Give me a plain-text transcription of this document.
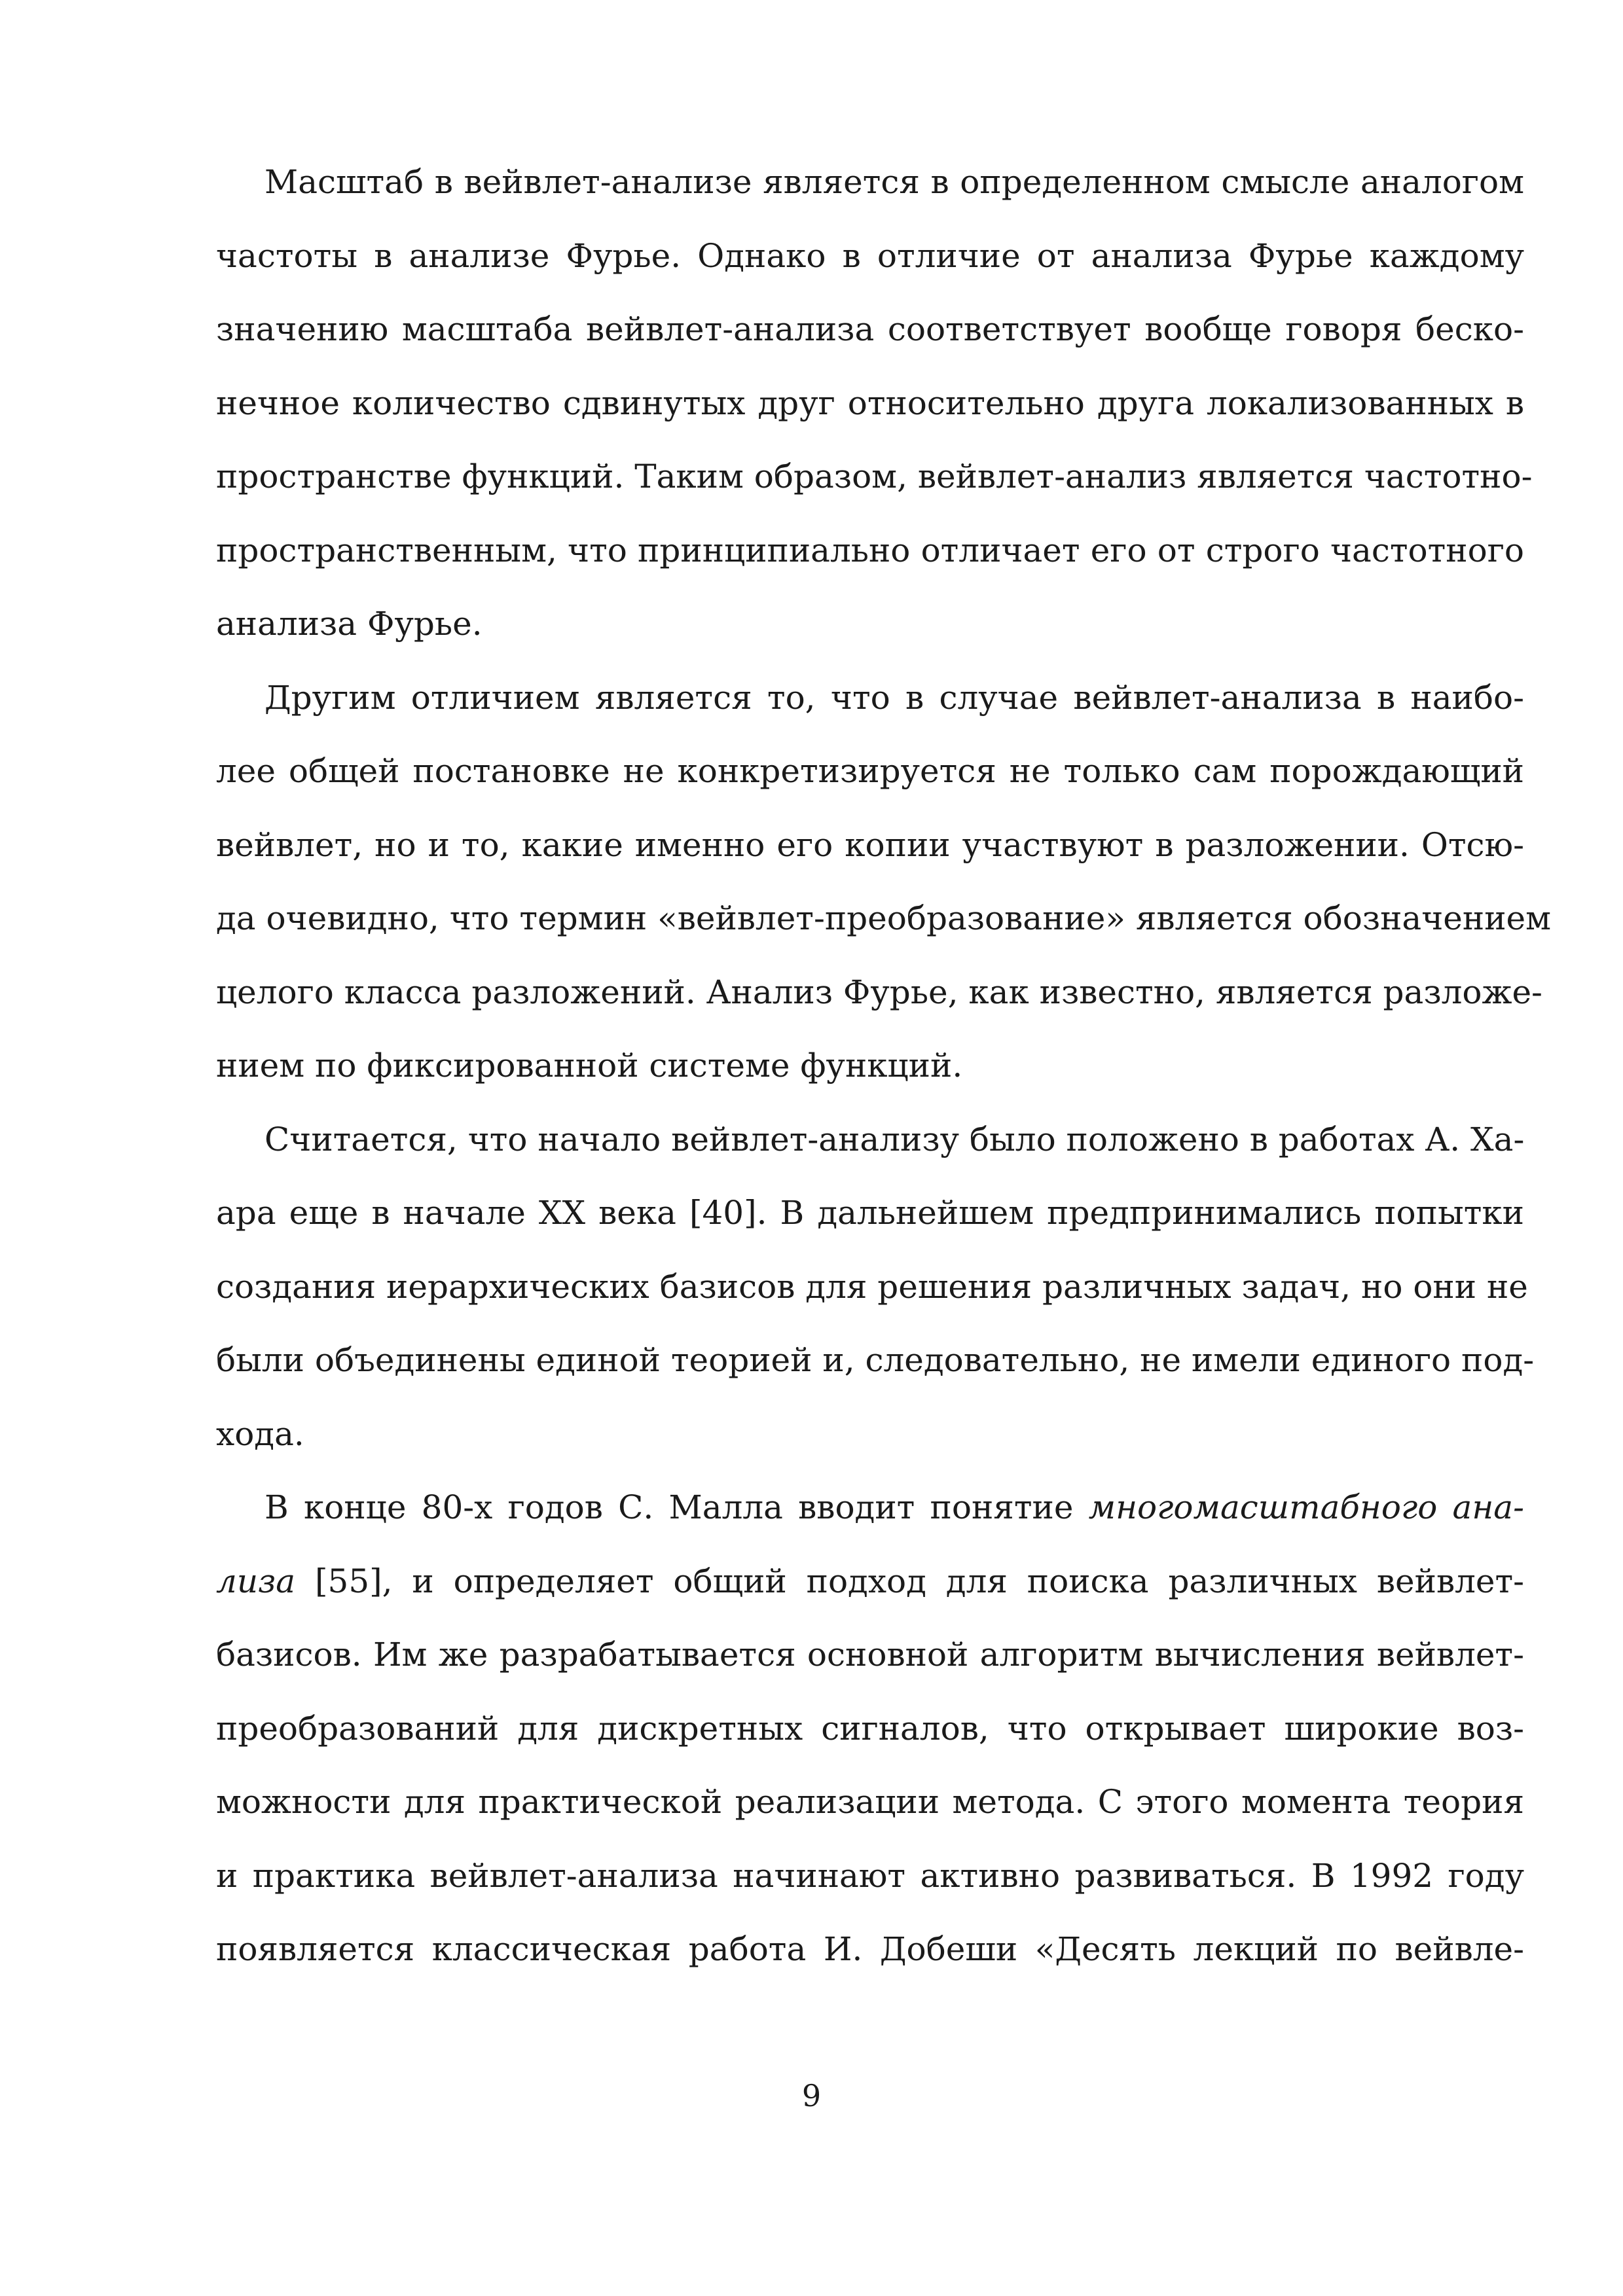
Масштаб в вейвлет-анализе является в определенном смысле аналогом
частоты в анализе Фурье. Однако в отличие от анализа Фурье каждому
значению масштаба вейвлет-анализа соответствует вообще говоря беско-
нечное количество сдвинутых друг относительно друга локализованных в
пространстве функций. Таким образом, вейвлет-анализ является частотно-
пространственным, что принципиально отличает его от строго частотного
анализа Фурье.

Другим отличием является то, что в случае вейвлет-анализа в наибо-
лее общей постановке не конкретизируется не только сам порождающий
вейвлет, но и то, какие именно его копии участвуют в разложении. Отсю-
да очевидно, что термин «вейвлет-преобразование» является обозначением
целого класса разложений. Анализ Фурье, как известно, является разложе-
нием по фиксированной системе функций.

Считается, что начало вейвлет-анализу было положено в работах А. Ха-
ара еще в начале XX века [40]. В дальнейшем предпринимались попытки
создания иерархических базисов для решения различных задач, но они не
были объединены единой теорией и, следовательно, не имели единого под-
хода.

В конце 80-х годов С. Малла вводит понятие многомасштабного ана-
лиза [55], и определяет общий подход для поиска различных вейвлет-
базисов. Им же разрабатывается основной алгоритм вычисления вейвлет-
преобразований для дискретных сигналов, что открывает широкие воз-
можности для практической реализации метода. С этого момента теория
и практика вейвлет-анализа начинают активно развиваться. В 1992 году
появляется классическая работа И. Добеши «Десять лекций по вейвле-

9
